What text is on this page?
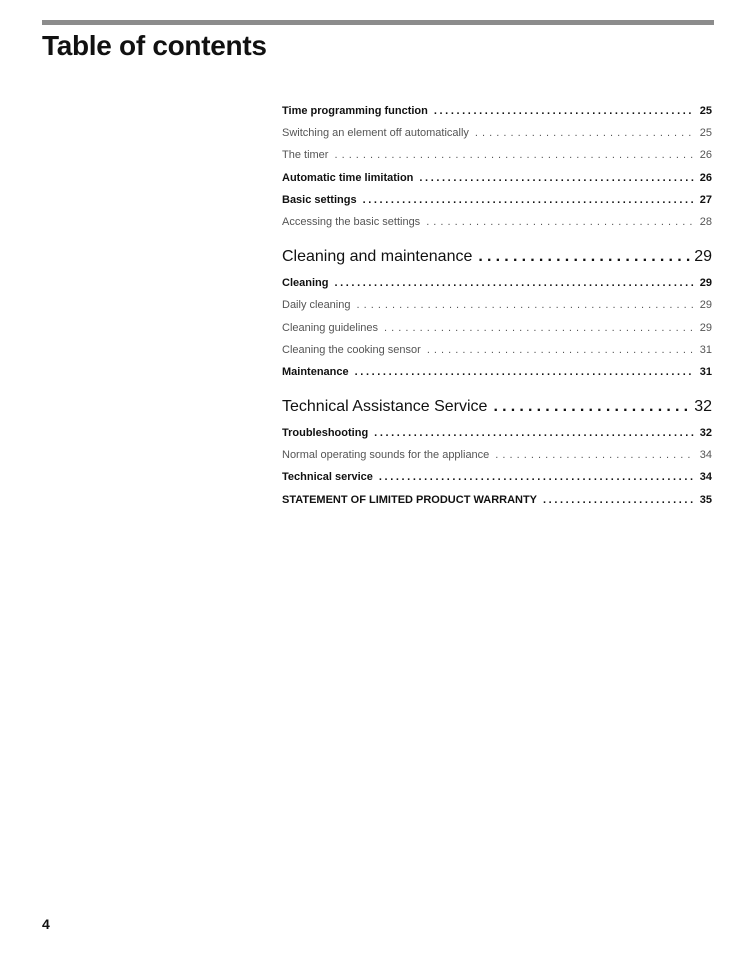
Table of contents
Time programming function .....	25
Switching an element off automatically . . .	25
The timer . . .	26
Automatic time limitation .....	26
Basic settings .....	27
Accessing the basic settings . . .	28
Cleaning and maintenance .....	29
Cleaning .....	29
Daily cleaning . . .	29
Cleaning guidelines . . .	29
Cleaning the cooking sensor . . .	31
Maintenance .....	31
Technical Assistance Service .....	32
Troubleshooting .....	32
Normal operating sounds for the appliance . . .	34
Technical service .....	34
STATEMENT OF LIMITED PRODUCT WARRANTY .....	35
4
